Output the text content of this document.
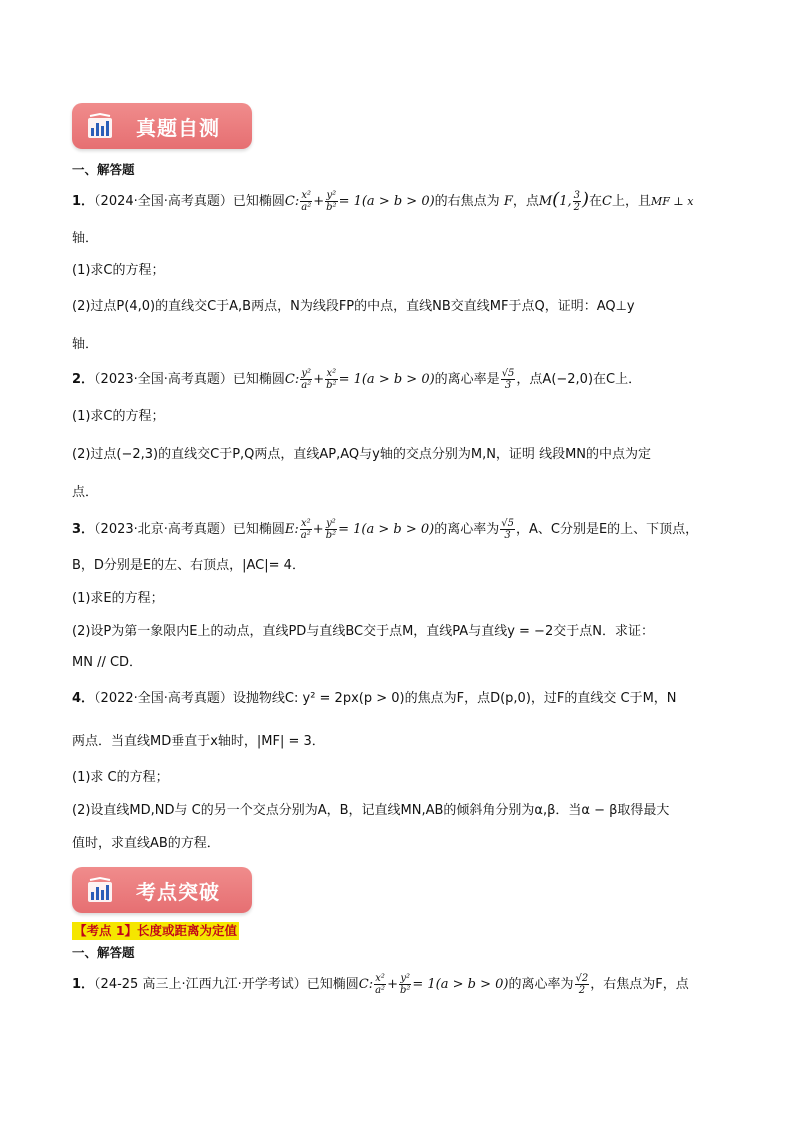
真题自测
一、解答题
1．（2024·全国·高考真题）已知椭圆C: $\frac{\text{x²}}{\text{a²}} + \frac{\text{y²}}{\text{b²}} = 1(a > b > 0)$的右焦点为 F，点M(1, $\frac{3}{2}$ )在C上，且MF ⊥ x
轴．
(1)求C的方程；
(2)过点P(4,0)的直线交C于A,B两点，N为线段FP的中点，直线NB交直线MF于点Q，证明：AQ⊥y
轴．
2．（2023·全国·高考真题）已知椭圆C: $\frac{\text{y²}}{\text{a²}} + \frac{\text{x²}}{\text{b²}} = 1(a > b > 0)$的离心率是 $\frac{√5}{3}$ ，点A(−2,0)在C上．
(1)求C的方程；
(2)过点(−2,3)的直线交C于P,Q两点，直线AP,AQ与y轴的交点分别为M,N，证明 线段MN的中点为定
点．
3．（2023·北京·高考真题）已知椭圆E: $\frac{\text{x²}}{\text{a²}} + \frac{\text{y²}}{\text{b²}} = 1(a > b > 0)$的离心率为 $\frac{√5}{3}$ ，A、C分别是E的上、下顶点，
B，D分别是E的左、右顶点，|AC|= 4．
(1)求E的方程；
(2)设P为第一象限内E上的动点，直线PD与直线BC交于点M，直线PA与直线y = −2交于点N．求证：
MN // CD．
4．（2022·全国·高考真题）设抛物线C: y² = 2px(p > 0)的焦点为F，点D(p,0)，过F的直线交 C于M，N
两点．当直线MD垂直于x轴时，|MF| = 3．
(1)求 C的方程；
(2)设直线MD,ND与 C的另一个交点分别为A，B，记直线MN,AB的倾斜角分别为α,β．当α − β取得最大
值时，求直线AB的方程．
考点突破
【考点 1】长度或距离为定值
一、解答题
1．（24-25 高三上·江西九江·开学考试）已知椭圆C: $\frac{\text{x²}}{\text{a²}} + \frac{\text{y²}}{\text{b²}} = 1(a > b > 0)$的离心率为 $\frac{√2}{2}$ ，右焦点为F，点
